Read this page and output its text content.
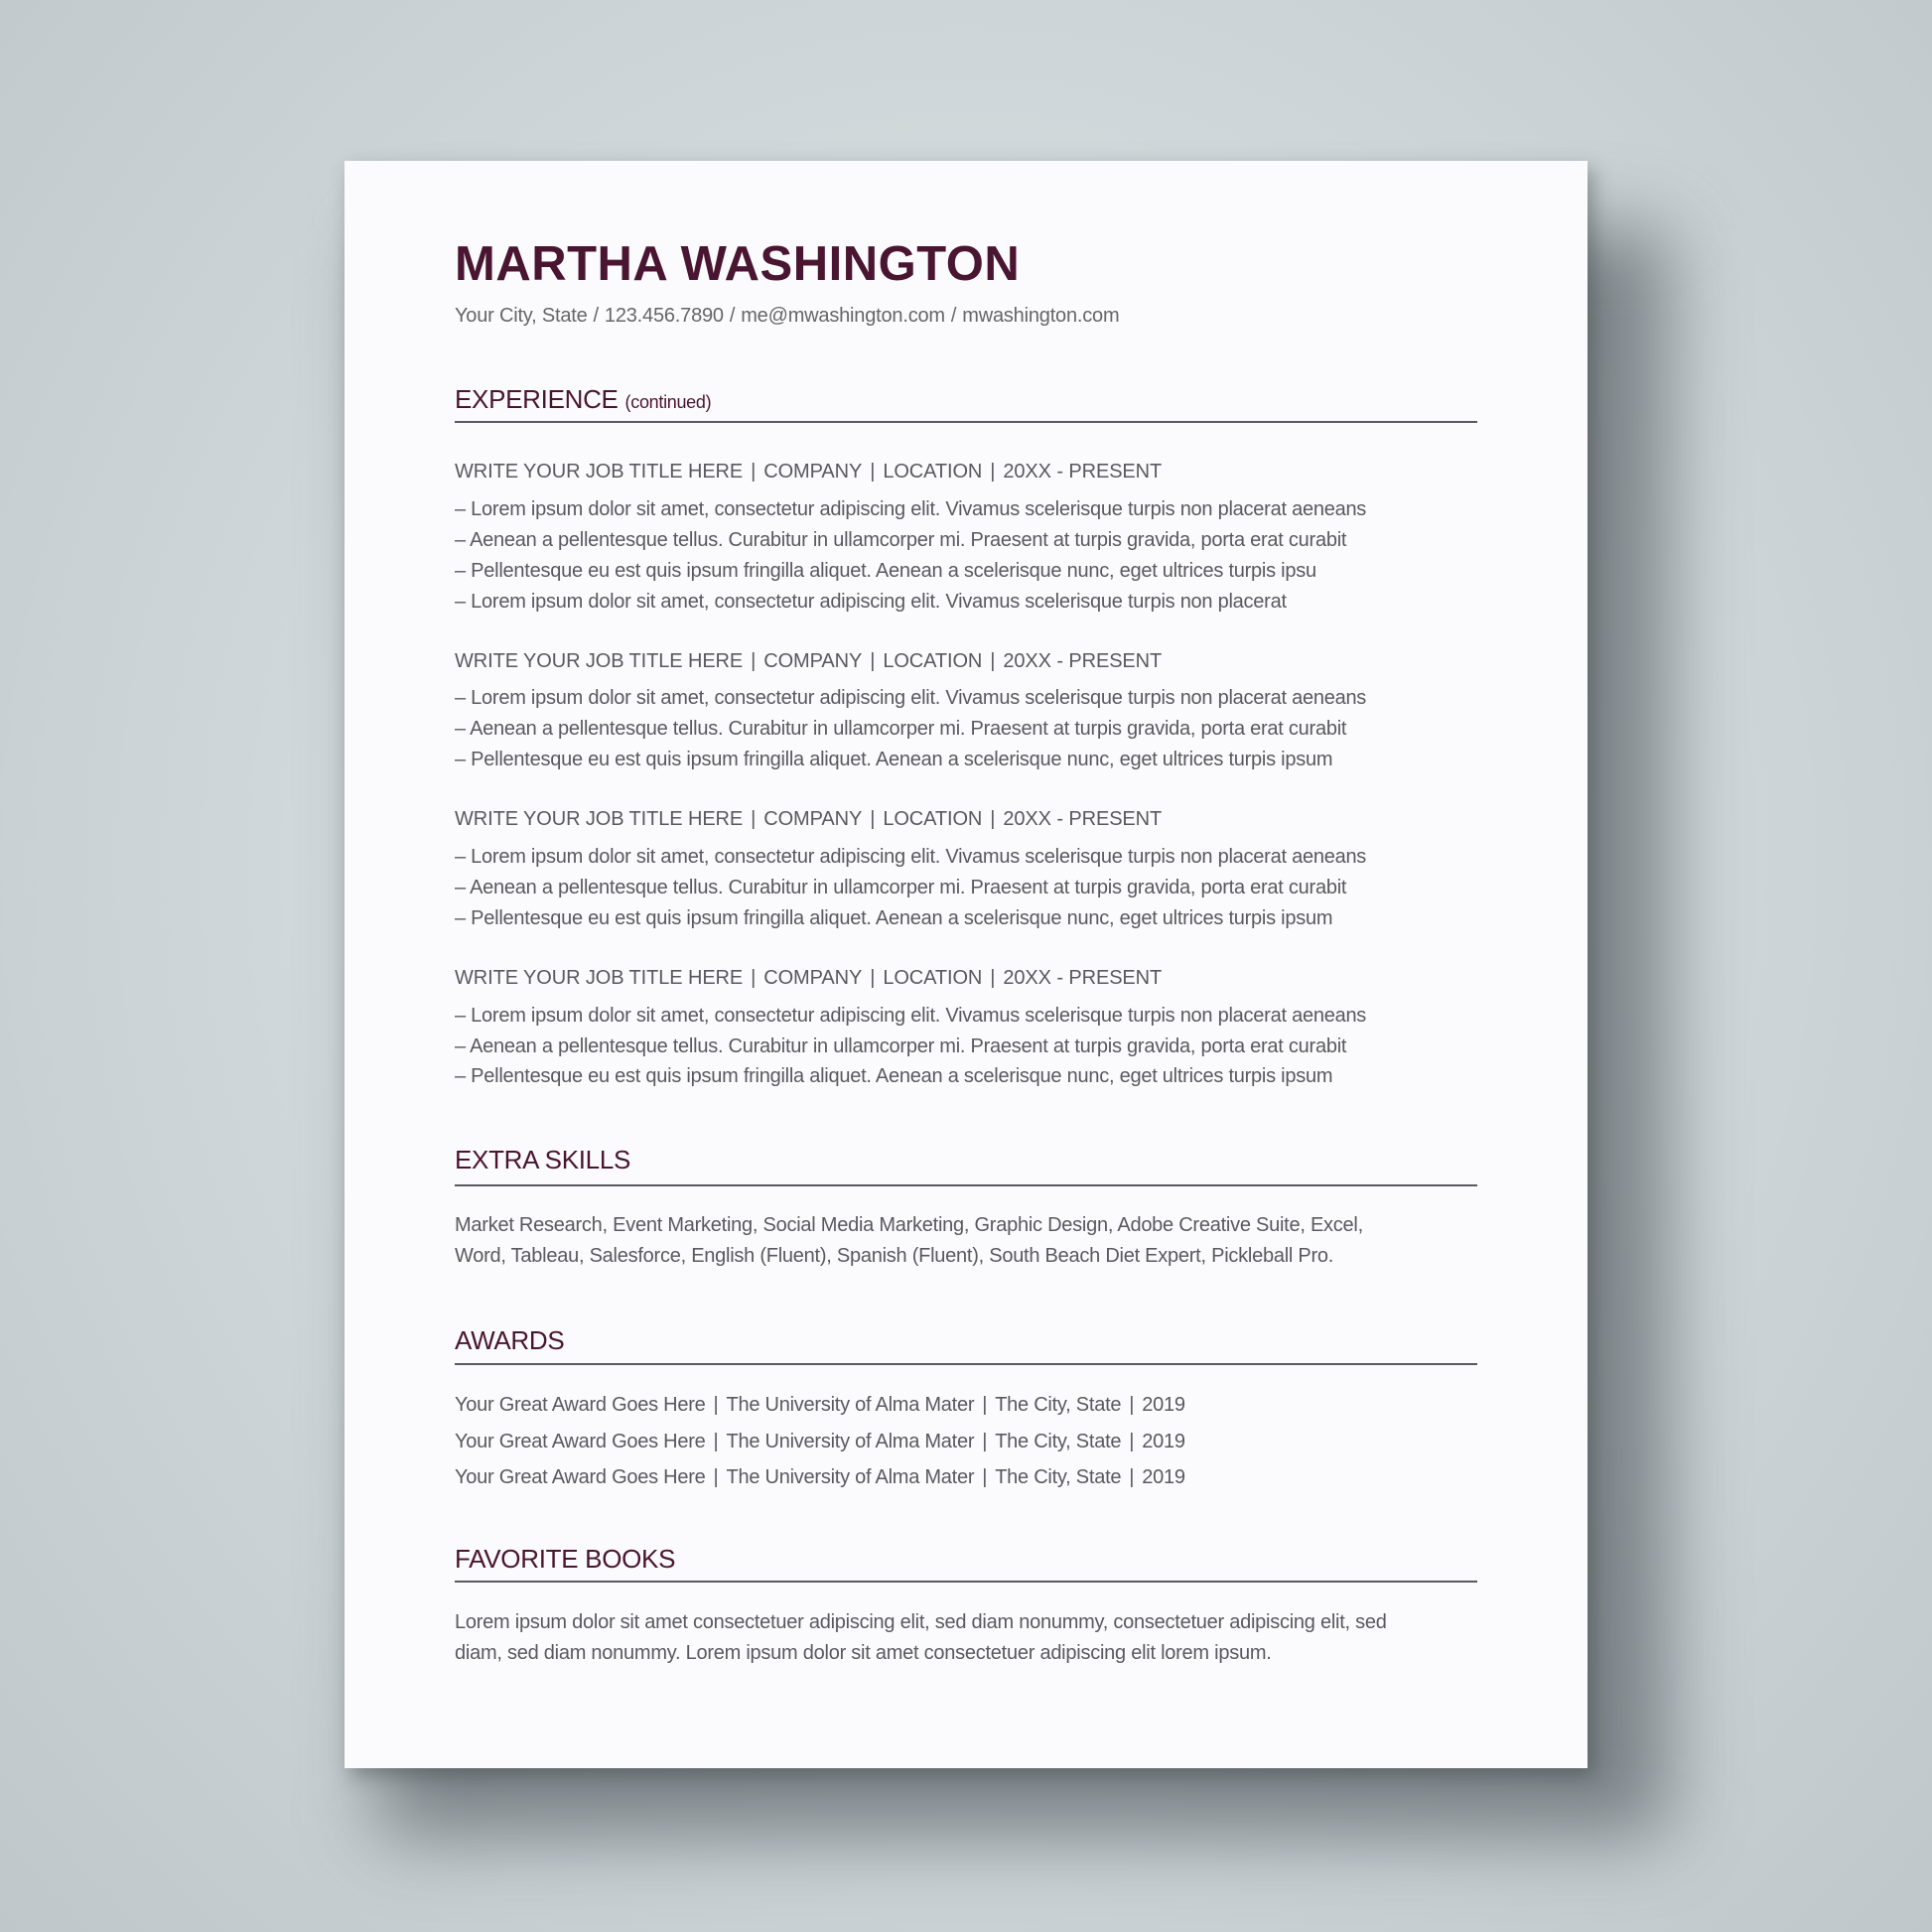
MARTHA WASHINGTON
Your City, State / 123.456.7890 / me@mwashington.com / mwashington.com
EXPERIENCE (continued)
WRITE YOUR JOB TITLE HERE | COMPANY | LOCATION | 20XX - PRESENT
– Lorem ipsum dolor sit amet, consectetur adipiscing elit. Vivamus scelerisque turpis non placerat aeneans
– Aenean a pellentesque tellus. Curabitur in ullamcorper mi. Praesent at turpis gravida, porta erat curabit
– Pellentesque eu est quis ipsum fringilla aliquet. Aenean a scelerisque nunc, eget ultrices turpis ipsu
– Lorem ipsum dolor sit amet, consectetur adipiscing elit. Vivamus scelerisque turpis non placerat
WRITE YOUR JOB TITLE HERE | COMPANY | LOCATION | 20XX - PRESENT
– Lorem ipsum dolor sit amet, consectetur adipiscing elit. Vivamus scelerisque turpis non placerat aeneans
– Aenean a pellentesque tellus. Curabitur in ullamcorper mi. Praesent at turpis gravida, porta erat curabit
– Pellentesque eu est quis ipsum fringilla aliquet. Aenean a scelerisque nunc, eget ultrices turpis ipsum
WRITE YOUR JOB TITLE HERE | COMPANY | LOCATION | 20XX - PRESENT
– Lorem ipsum dolor sit amet, consectetur adipiscing elit. Vivamus scelerisque turpis non placerat aeneans
– Aenean a pellentesque tellus. Curabitur in ullamcorper mi. Praesent at turpis gravida, porta erat curabit
– Pellentesque eu est quis ipsum fringilla aliquet. Aenean a scelerisque nunc, eget ultrices turpis ipsum
WRITE YOUR JOB TITLE HERE | COMPANY | LOCATION | 20XX - PRESENT
– Lorem ipsum dolor sit amet, consectetur adipiscing elit. Vivamus scelerisque turpis non placerat aeneans
– Aenean a pellentesque tellus. Curabitur in ullamcorper mi. Praesent at turpis gravida, porta erat curabit
– Pellentesque eu est quis ipsum fringilla aliquet. Aenean a scelerisque nunc, eget ultrices turpis ipsum
EXTRA SKILLS
Market Research, Event Marketing, Social Media Marketing, Graphic Design, Adobe Creative Suite, Excel,
Word, Tableau, Salesforce, English (Fluent), Spanish (Fluent), South Beach Diet Expert, Pickleball Pro.
AWARDS
Your Great Award Goes Here | The University of Alma Mater | The City, State | 2019
Your Great Award Goes Here | The University of Alma Mater | The City, State | 2019
Your Great Award Goes Here | The University of Alma Mater | The City, State | 2019
FAVORITE BOOKS
Lorem ipsum dolor sit amet consectetuer adipiscing elit, sed diam nonummy, consectetuer adipiscing elit, sed
diam, sed diam nonummy. Lorem ipsum dolor sit amet consectetuer adipiscing elit lorem ipsum.
